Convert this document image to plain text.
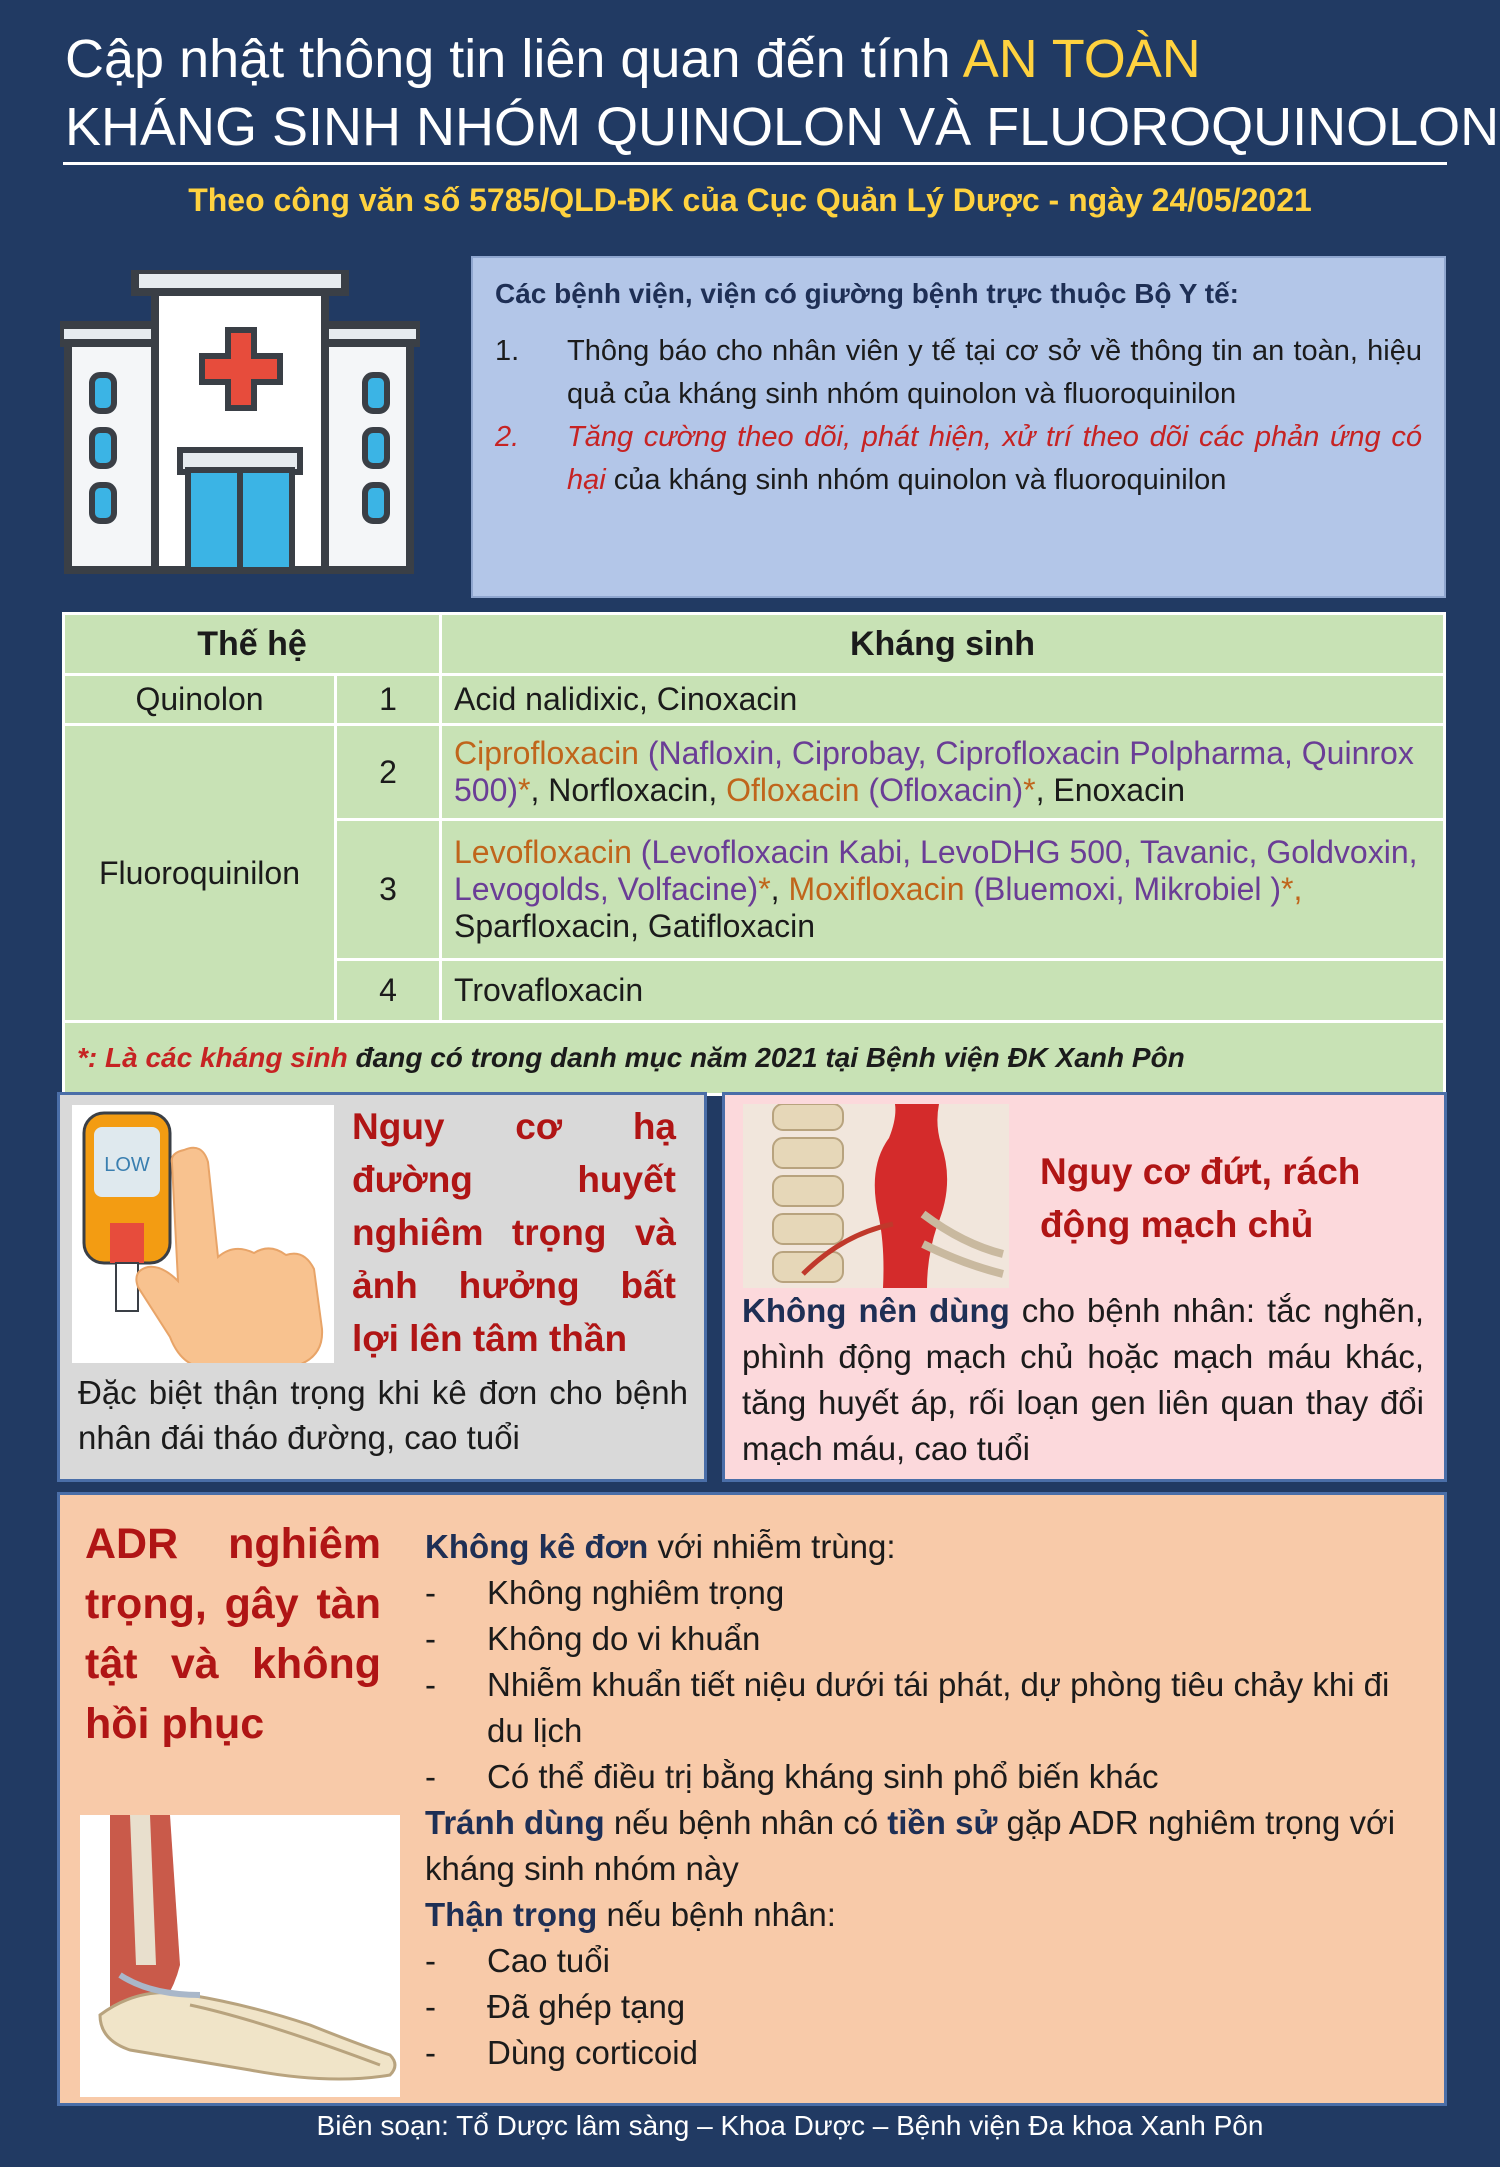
Cập nhật thông tin liên quan đến tính AN TOÀN
KHÁNG SINH NHÓM QUINOLON VÀ FLUOROQUINOLON
Theo công văn số 5785/QLD-ĐK của Cục Quản Lý Dược - ngày 24/05/2021
Các bệnh viện, viện có giường bệnh trực thuộc Bộ Y tế:
1.	Thông báo cho nhân viên y tế tại cơ sở về thông tin an toàn, hiệu quả của kháng sinh nhóm quinolon và fluoroquinilon
2.	Tăng cường theo dõi, phát hiện, xử trí theo dõi các phản ứng có hại của kháng sinh nhóm quinolon và fluoroquinilon
Thế hệ		Kháng sinh
Quinolon	1	Acid nalidixic, Cinoxacin
Fluoroquinilon	2	Ciprofloxacin (Nafloxin, Ciprobay, Ciprofloxacin Polpharma, Quinrox 500)*, Norfloxacin, Ofloxacin (Ofloxacin)*, Enoxacin
	3	Levofloxacin (Levofloxacin Kabi, LevoDHG 500, Tavanic, Goldvoxin, Levogolds, Volfacine)*, Moxifloxacin (Bluemoxi, Mikrobiel )*, Sparfloxacin, Gatifloxacin
	4	Trovafloxacin
*: Là các kháng sinh đang có trong danh mục năm 2021 tại Bệnh viện ĐK Xanh Pôn		
LOW
Nguy cơ hạ
đường huyết
nghiêm trọng và
ảnh hưởng bất
lợi lên tâm thần
Đặc biệt thận trọng khi kê đơn cho bệnh nhân đái tháo đường, cao tuổi
Nguy cơ đứt, rách động mạch chủ
Không nên dùng cho bệnh nhân: tắc nghẽn, phình động mạch chủ hoặc mạch máu khác, tăng huyết áp, rối loạn gen liên quan thay đổi mạch máu, cao tuổi
ADR nghiêm trọng, gây tàn tật và không hồi phục
Không kê đơn với nhiễm trùng:
-	Không nghiêm trọng
-	Không do vi khuẩn
-	Nhiễm khuẩn tiết niệu dưới tái phát, dự phòng tiêu chảy khi đi du lịch
-	Có thể điều trị bằng kháng sinh phổ biến khác
Tránh dùng nếu bệnh nhân có tiền sử gặp ADR nghiêm trọng với kháng sinh nhóm này
Thận trọng nếu bệnh nhân:
-	Cao tuổi
-	Đã ghép tạng
-	Dùng corticoid
Biên soạn: Tổ Dược lâm sàng – Khoa Dược – Bệnh viện Đa khoa Xanh Pôn
